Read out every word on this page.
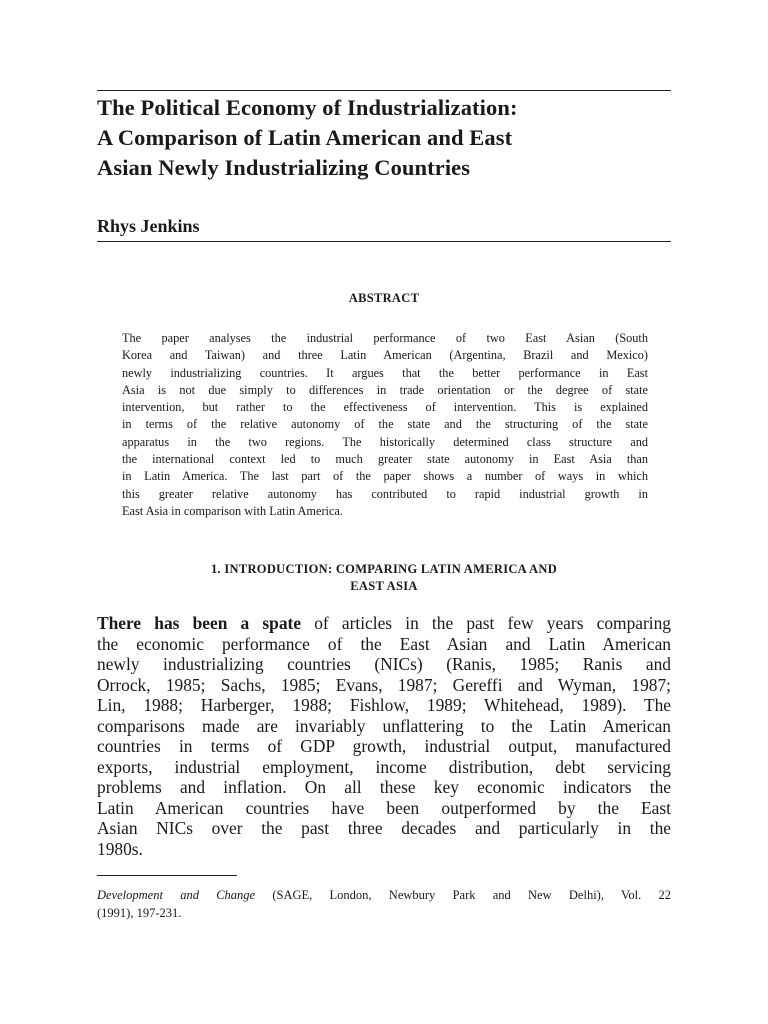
The Political Economy of Industrialization:
A Comparison of Latin American and East
Asian Newly Industrializing Countries

Rhys Jenkins

ABSTRACT
The paper analyses the industrial performance of two East Asian (South
Korea and Taiwan) and three Latin American (Argentina, Brazil and Mexico)
newly industrializing countries. It argues that the better performance in East
Asia is not due simply to differences in trade orientation or the degree of state
intervention, but rather to the effectiveness of intervention. This is explained
in terms of the relative autonomy of the state and the structuring of the state
apparatus in the two regions. The historically determined class structure and
the international context led to much greater state autonomy in East Asia than
in Latin America. The last part of the paper shows a number of ways in which
this greater relative autonomy has contributed to rapid industrial growth in
East Asia in comparison with Latin America.
1. INTRODUCTION: COMPARING LATIN AMERICA AND
EAST ASIA
There has been a spate of articles in the past few years comparing
the economic performance of the East Asian and Latin American
newly industrializing countries (NICs) (Ranis, 1985; Ranis and
Orrock, 1985; Sachs, 1985; Evans, 1987; Gereffi and Wyman, 1987;
Lin, 1988; Harberger, 1988; Fishlow, 1989; Whitehead, 1989). The
comparisons made are invariably unflattering to the Latin American
countries in terms of GDP growth, industrial output, manufactured
exports, industrial employment, income distribution, debt servicing
problems and inflation. On all these key economic indicators the
Latin American countries have been outperformed by the East
Asian NICs over the past three decades and particularly in the
1980s.
Development and Change (SAGE, London, Newbury Park and New Delhi), Vol. 22
(1991), 197-231.
